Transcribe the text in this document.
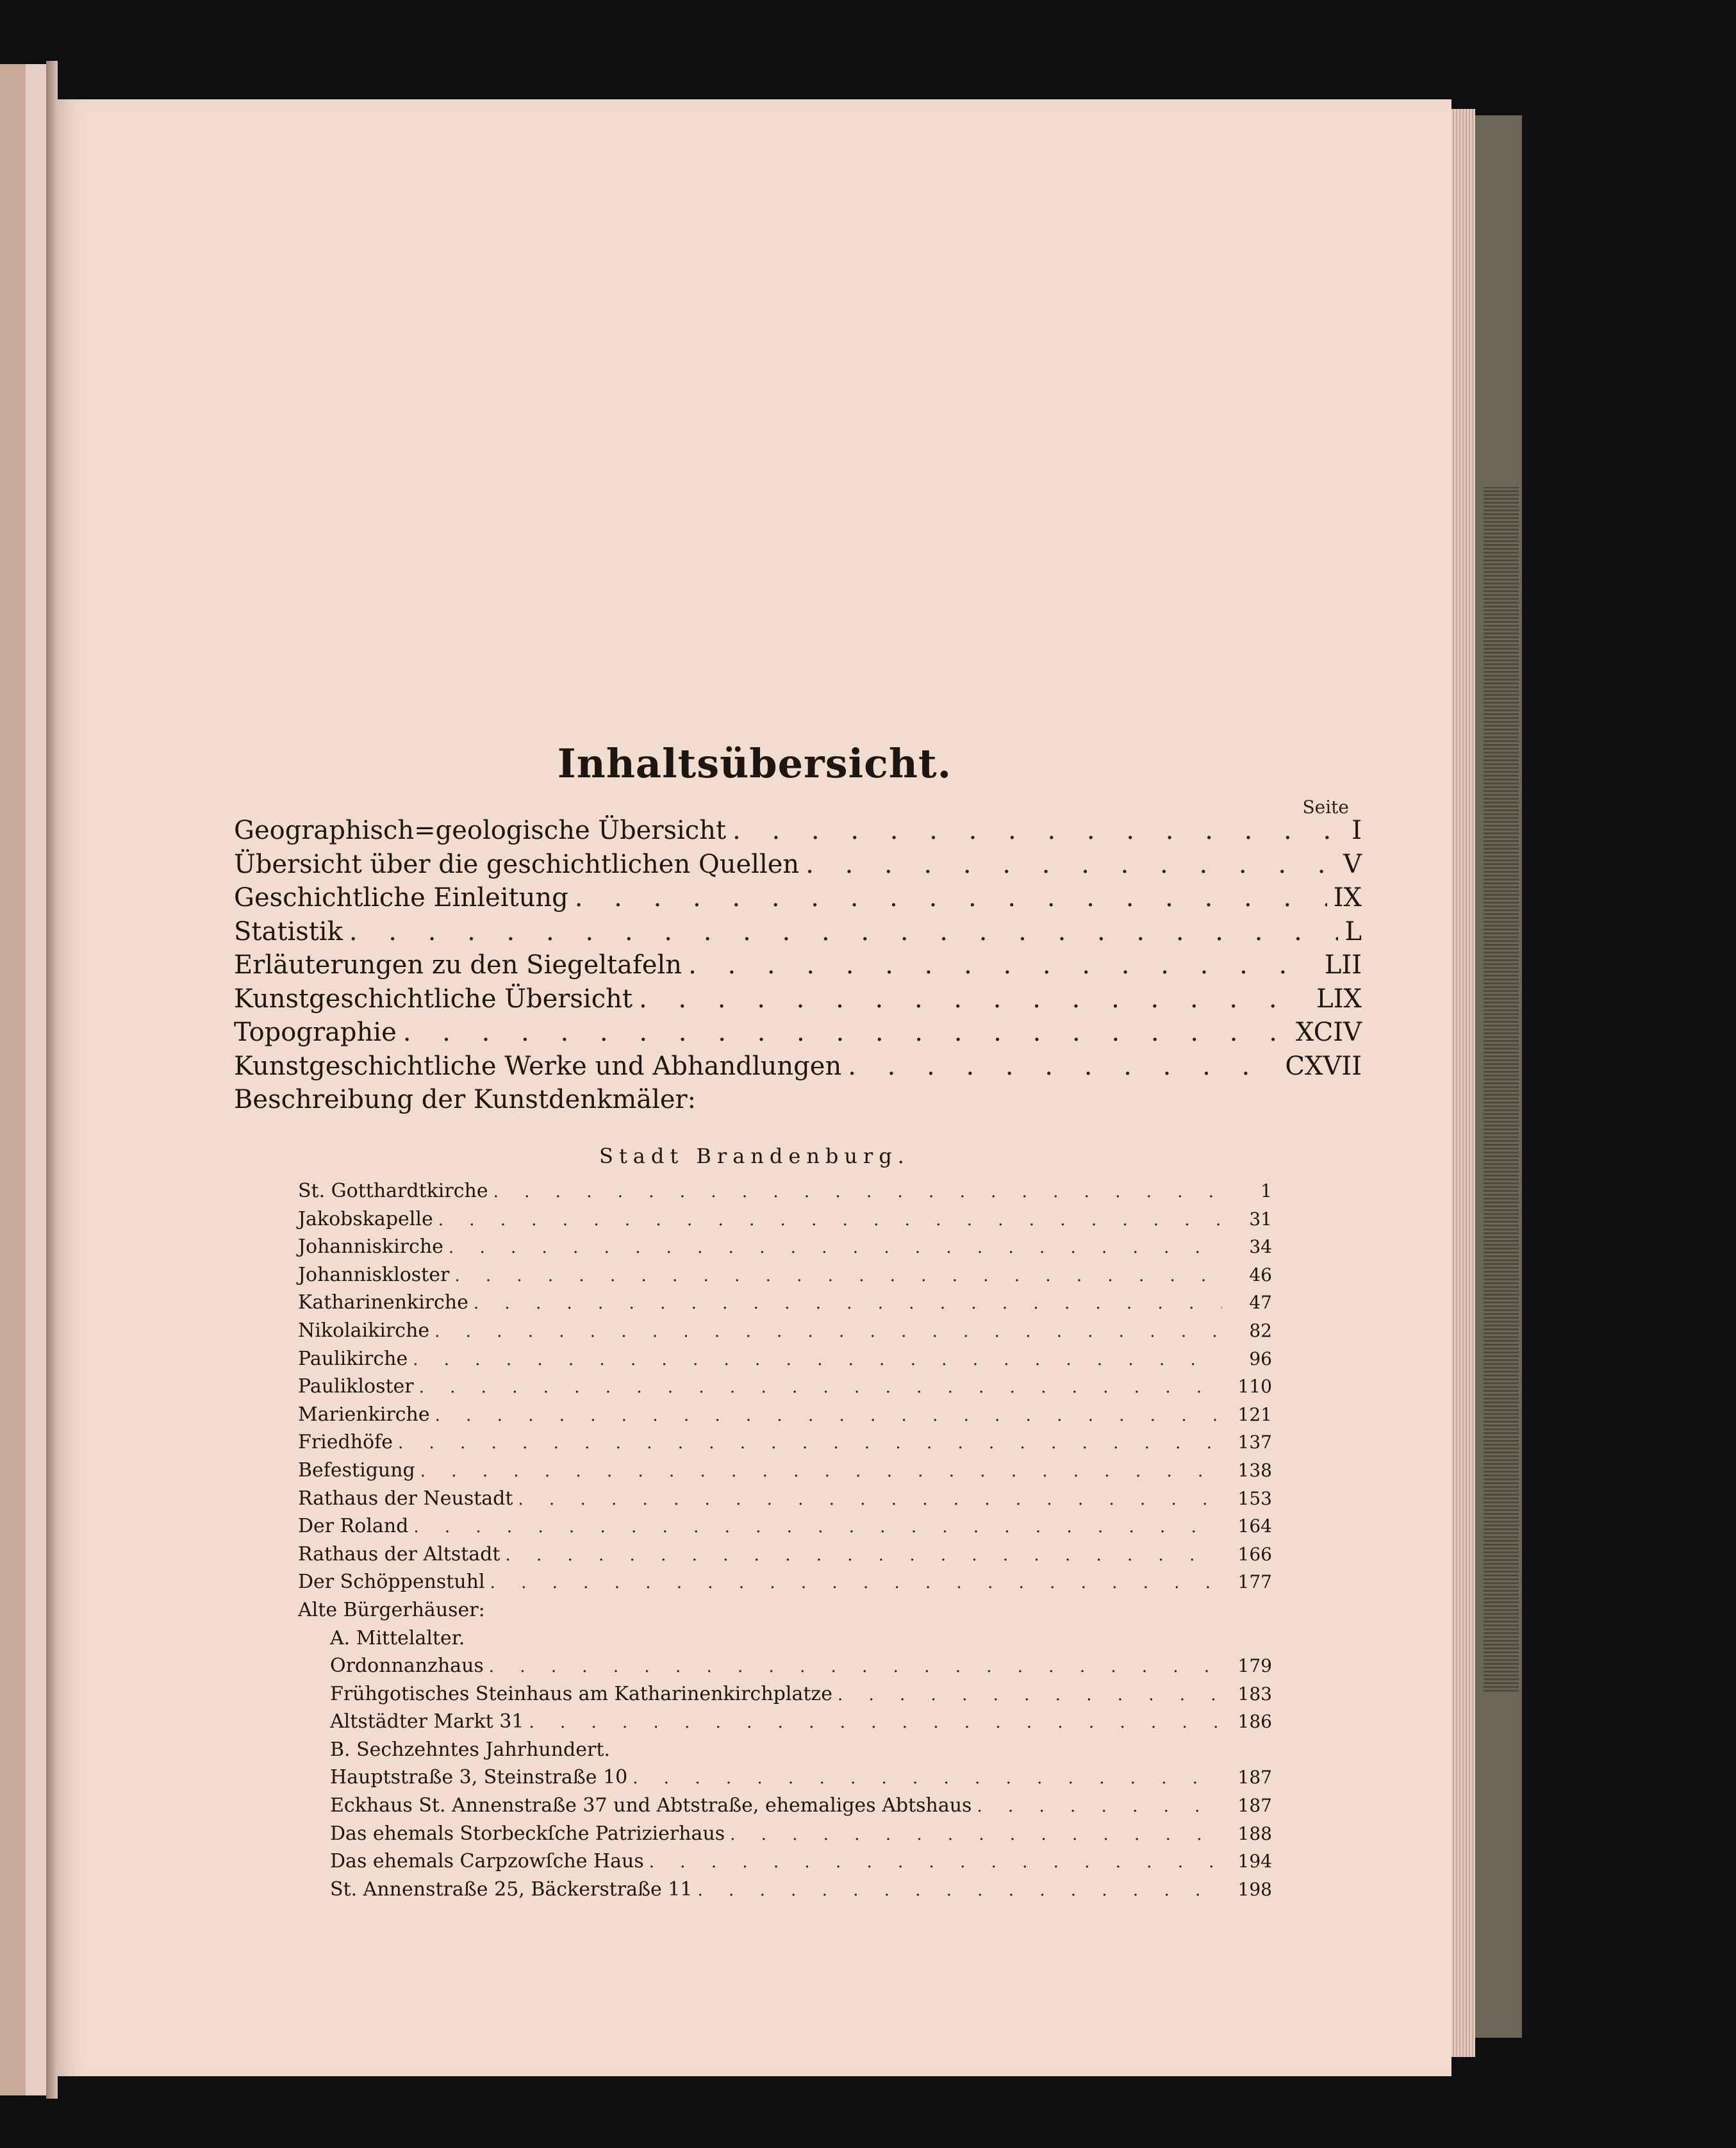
Inhaltsübersicht.
Seite
Geographisch=geologische Übersicht . . .	I
Übersicht über die geschichtlichen Quellen . . .	V
Geschichtliche Einleitung . . .	IX
Statistik . . .	L
Erläuterungen zu den Siegeltafeln . . .	LII
Kunstgeschichtliche Übersicht . . .	LIX
Topographie . . .	XCIV
Kunstgeschichtliche Werke und Abhandlungen . . .	CXVII
Beschreibung der Kunstdenkmäler:
Stadt Brandenburg.
St. Gotthardtkirche . . .	1
Jakobskapelle . . .	31
Johanniskirche . . .	34
Johanniskloster . . .	46
Katharinenkirche . . .	47
Nikolaikirche . . .	82
Paulikirche . . .	96
Paulikloster . . .	110
Marienkirche . . .	121
Friedhöfe . . .	137
Befestigung . . .	138
Rathaus der Neustadt . . .	153
Der Roland . . .	164
Rathaus der Altstadt . . .	166
Der Schöppenstuhl . . .	177
Alte Bürgerhäuser:
A. Mittelalter.
Ordonnanzhaus . . .	179
Frühgotisches Steinhaus am Katharinenkirchplatze . . .	183
Altstädter Markt 31 . . .	186
B. Sechzehntes Jahrhundert.
Hauptstraße 3, Steinstraße 10 . . .	187
Eckhaus St. Annenstraße 37 und Abtstraße, ehemaliges Abtshaus . . .	187
Das ehemals Storbeckſche Patrizierhaus . . .	188
Das ehemals Carpzowſche Haus . . .	194
St. Annenstraße 25, Bäckerstraße 11 . . .	198
